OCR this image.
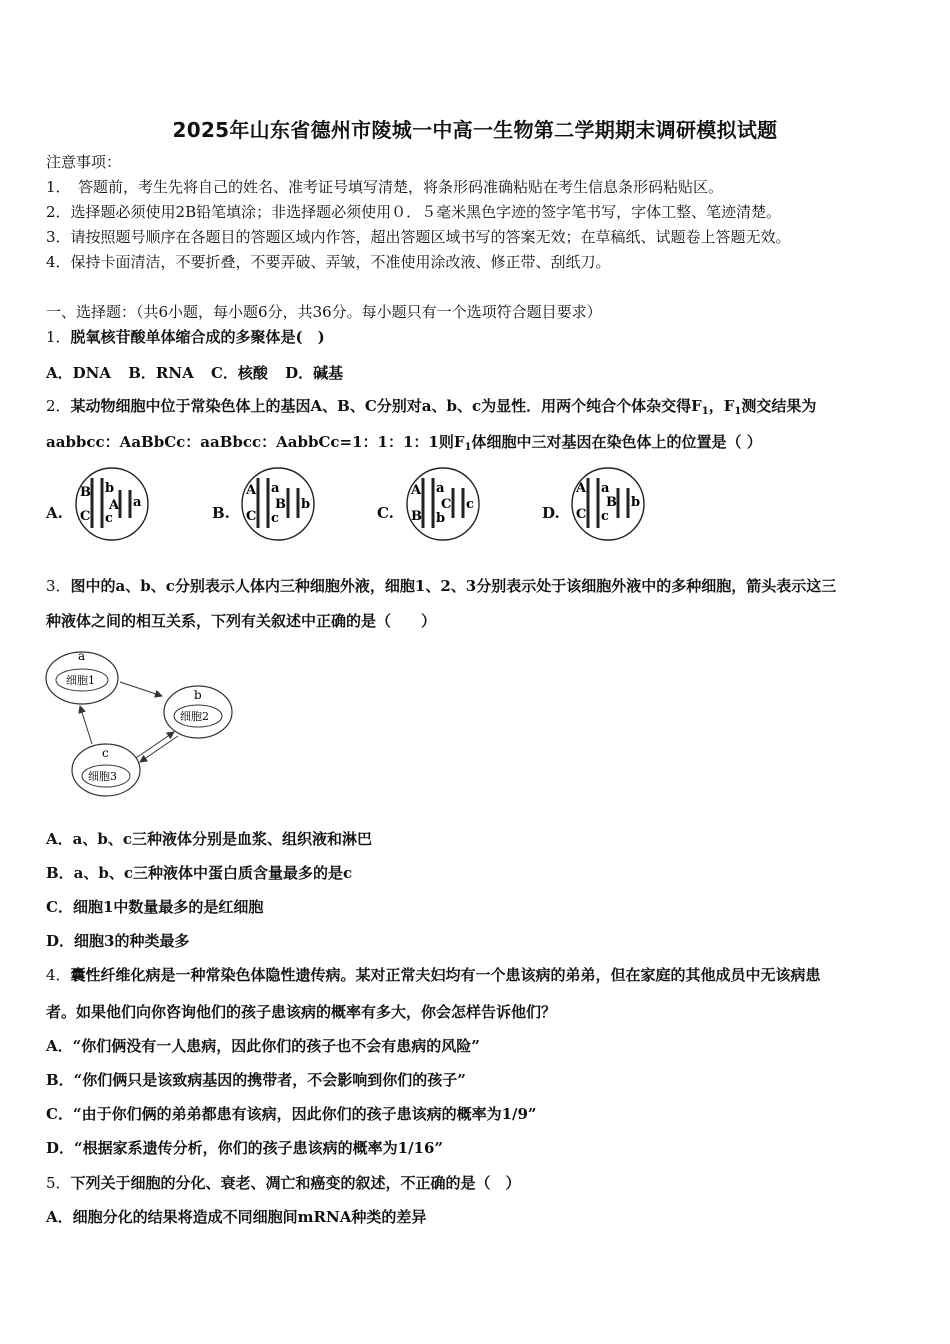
2025年山东省德州市陵城一中高一生物第二学期期末调研模拟试题
注意事项：
1．　答题前，考生先将自己的姓名、准考证号填写清楚，将条形码准确粘贴在考生信息条形码粘贴区。
2．选择题必须使用2B铅笔填涂；非选择题必须使用０．５毫米黑色字迹的签字笔书写，字体工整、笔迹清楚。
3．请按照题号顺序在各题目的答题区域内作答，超出答题区域书写的答案无效；在草稿纸、试题卷上答题无效。
4．保持卡面清洁，不要折叠，不要弄破、弄皱，不准使用涂改液、修正带、刮纸刀。
一、选择题：（共6小题，每小题6分，共36分。每小题只有一个选项符合题目要求）
1．脱氧核苷酸单体缩合成的多聚体是(　)
A．DNA B．RNA C．核酸 D．碱基
2．某动物细胞中位于常染色体上的基因A、B、C分别对a、b、c为显性．用两个纯合个体杂交得$F_1$，$F_1$测交结果为
aabbcc：AaBbCc：aaBbcc：AabbCc=1：1：1：1则$F_1$体细胞中三对基因在染色体上的位置是（ ）
A.
B b
C c
A a
B.
A a
C c
B b	C.
A a
B b
C c	D.
A a
C c
B b
3．图中的a、b、c分别表示人体内三种细胞外液，细胞1、2、3分别表示处于该细胞外液中的多种细胞，箭头表示这三
种液体之间的相互关系，下列有关叙述中正确的是（　　）
a
细胞1
b
细胞2
c
细胞3
A．a、b、c三种液体分别是血浆、组织液和淋巴
B．a、b、c三种液体中蛋白质含量最多的是c
C．细胞1中数量最多的是红细胞
D．细胞3的种类最多
4．囊性纤维化病是一种常染色体隐性遗传病。某对正常夫妇均有一个患该病的弟弟，但在家庭的其他成员中无该病患
者。如果他们向你咨询他们的孩子患该病的概率有多大，你会怎样告诉他们？
A．“你们俩没有一人患病，因此你们的孩子也不会有患病的风险”
B．“你们俩只是该致病基因的携带者，不会影响到你们的孩子”
C．“由于你们俩的弟弟都患有该病，因此你们的孩子患该病的概率为1/9”
D．“根据家系遗传分析，你们的孩子患该病的概率为1/16”
5．下列关于细胞的分化、衰老、凋亡和癌变的叙述，不正确的是（　）
A．细胞分化的结果将造成不同细胞间mRNA种类的差异
